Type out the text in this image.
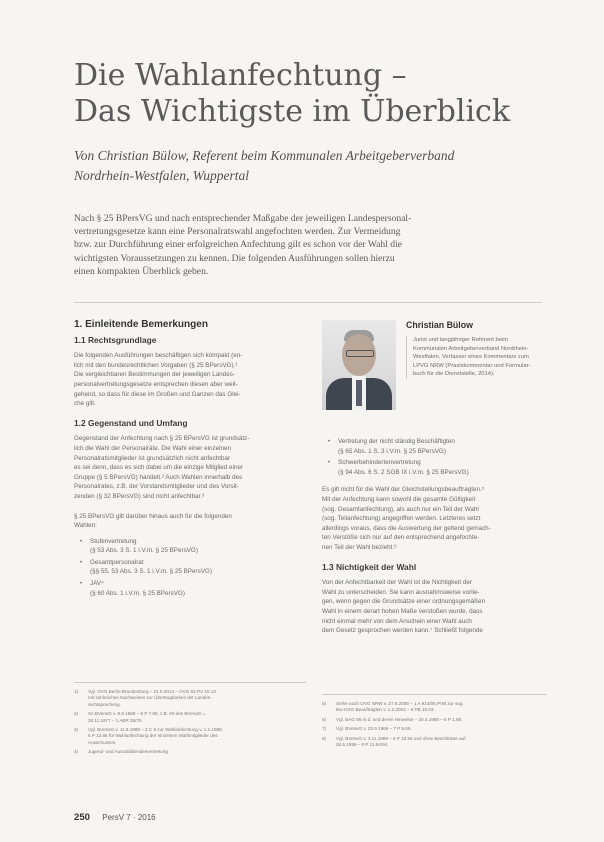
Die Wahlanfechtung –
Das Wichtigste im Überblick
Von Christian Bülow, Referent beim Kommunalen Arbeitgeberverband
Nordrhein-Westfalen, Wuppertal
Nach § 25 BPersVG und nach entsprechender Maßgabe der jeweiligen Landespersonal-
vertretungsgesetze kann eine Personalratswahl angefochten werden. Zur Vermeidung
bzw. zur Durchführung einer erfolgreichen Anfechtung gilt es schon vor der Wahl die
wichtigsten Voraussetzungen zu kennen. Die folgenden Ausführungen sollen hierzu
einen kompakten Überblick geben.
1. Einleitende Bemerkungen
1.1 Rechtsgrundlage
Die folgenden Ausführungen beschäftigen sich kompakt (en-
lich mit den bundesrechtlichen Vorgaben (§ 25 BPersVG).¹
Die vergleichbaren Bestimmungen der jeweiligen Landes-
personalvertretungsgesetze entsprechen diesen aber weit-
gehend, so dass für diese im Großen und Ganzen das Glei-
che gilt.
1.2 Gegenstand und Umfang
Gegenstand der Anfechtung nach § 25 BPersVG ist grundsätz-
lich die Wahl der Personalräte. Die Wahl einer einzelnen
Personalratsmitglieder ist grundsätzlich nicht anfechtbar
es sei denn, dass es sich dabei um die einzige Mitglied einer
Gruppe (§ 5 BPersVG) handelt.² Auch Wahlen innerhalb des
Personalrates, z.B. der Vorstandsmitglieder und des Vorsit-
zenden (§ 32 BPersVG) sind nicht anfechtbar.³
§ 25 BPersVG gilt darüber hinaus auch für die folgenden
Wahlen:
• Stufenvertretung
(§ 53 Abs. 3 S. 1 i.V.m. § 25 BPersVG)
• Gesamtpersonalrat
(§§ 55, 53 Abs. 3 S. 1 i.V.m. § 25 BPersVG)
• JAV⁴
(§ 60 Abs. 1 i.V.m. § 25 BPersVG)
Christian Bülow
Jurist und langjähriger Referent beim
Kommunalen Arbeitgeberverband Nordrhein-
Westfalen. Verfasser eines Kommentars zum
LPVG NRW (Praxiskommentar und Formular-
buch für die Dienststelle, 2014).
• Vertretung der nicht ständig Beschäftigten
(§ 65 Abs. 1 S. 3 i.V.m. § 25 BPersVG)
• Schwerbehindertenvertretung
(§ 94 Abs. 6 S. 2 SGB IX i.V.m. § 25 BPersVG)
Es gilt nicht für die Wahl der Gleichstellungsbeauftragten.⁵
Mit der Anfechtung kann sowohl die gesamte Gültigkeit
(sog. Gesamtanfechtung), als auch nur ein Teil der Wahl
(sog. Teilanfechtung) angegriffen werden. Letzteres setzt
allerdings voraus, dass die Auswertung der geltend gemach-
ten Verstöße sich nur auf den entsprechend angefochte-
nen Teil der Wahl bezieht.⁶
1.3 Nichtigkeit der Wahl
Von der Anfechtbarkeit der Wahl ist die Nichtigkeit der
Wahl zu unterscheiden. Sie kann ausnahmsweise vorlie-
gen, wenn gegen die Grundsätze einer ordnungsgemäßen
Wahl in einem derart hohen Maße verstoßen wurde, dass
nicht einmal mehr von dem Anschein einer Wahl auch
dem Gesetz gesprochen werden kann.⁷ Schließt folgende
1)	Vgl. OVG Berlin-Brandenburg – 21.8.2014 – OVG 62 PV 10.13
mit zahlreichen Nachweisen zur Übertragbarkeit der Landes-
rechtsprechung.
2)	So BVerwG v. 8.6.1988 – 6 P 7.86, z.B. 60 des BVerwG =
28.11.1977 – 1 ABR 36/76.
3)	Vgl. BVerwG v. 11.8.1988 – 2 C 6 zur Wahlanfechtung v. 1.1.1988,
6 P 12.86 für Wahlanfechtung der einzelnen Wahlmitglieder des
Ausschusses.
4)	Jugend- und Auszubildendenvertretung
5)	Siehe auch OVG NRW v. 27.9.2008 – 1 A 914/06.PVB zur sog.
Bw-GSG-Beauftragten v. 1.2.2004 – 6 PB 15.03.
6)	Vgl. BAG 86 m.d. und deren Hinweise – 20.4.1989 – 6 P 1.88.
7)	Vgl. BVerwG v. 23.9.1966 – 7 P 5.65.
8)	Vgl. BVerwG v. 3.11.1989 – 6 P 18.92 und ohne Beschlüsse auf
28.6.1995 – 6 P 11.94/94.
250 PersV 7 · 2016
